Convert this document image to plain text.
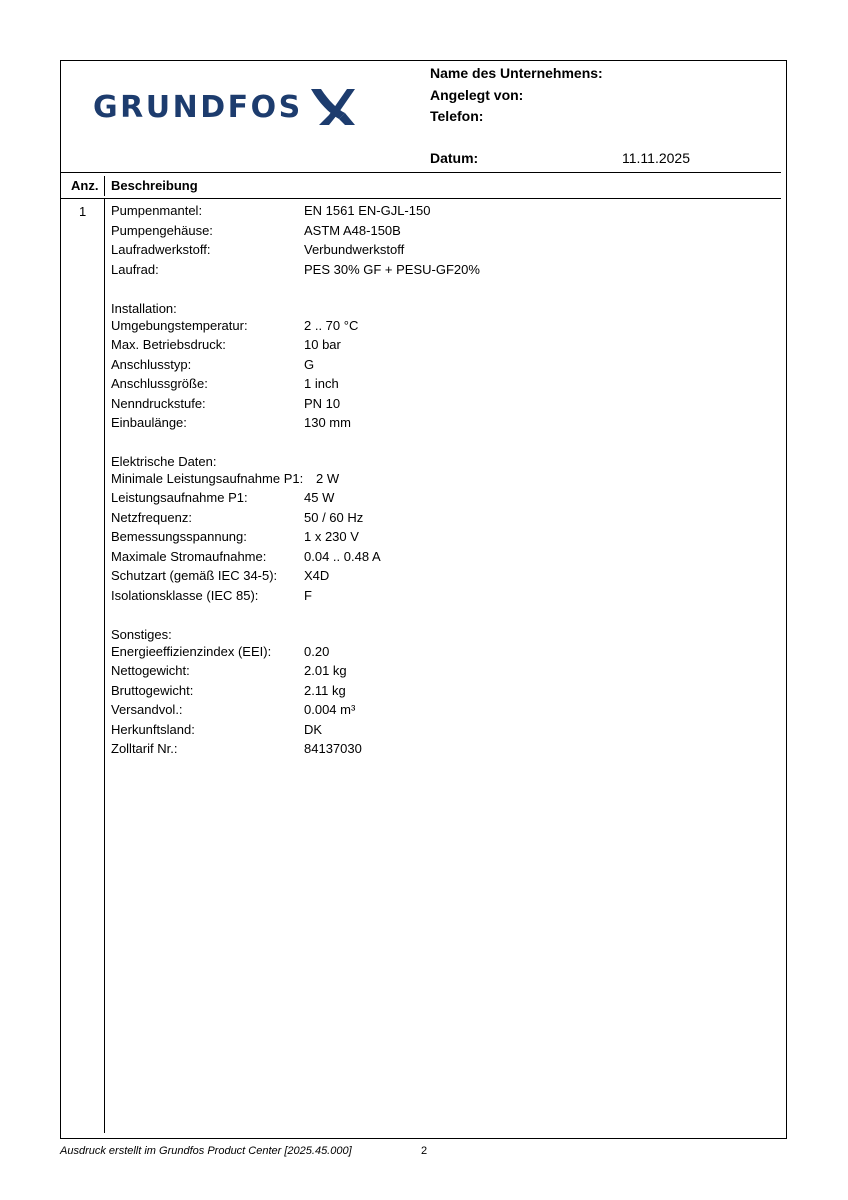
GRUNDFOS
Name des Unternehmens:
Angelegt von:
Telefon:
Datum:	11.11.2025
Anz. Beschreibung
1 Pumpenmantel:	EN 1561 EN-GJL-150
Pumpengehäuse:	ASTM A48-150B
Laufradwerkstoff:	Verbundwerkstoff
Laufrad:	PES 30% GF + PESU-GF20%
Installation:
Umgebungstemperatur:	2 .. 70 °C
Max. Betriebsdruck:	10 bar
Anschlusstyp:	G
Anschlussgröße:	1 inch
Nenndruckstufe:	PN 10
Einbaulänge:	130 mm
Elektrische Daten:
Minimale Leistungsaufnahme P1: 2 W
Leistungsaufnahme P1:	45 W
Netzfrequenz:	50 / 60 Hz
Bemessungsspannung:	1 x 230 V
Maximale Stromaufnahme:	0.04 .. 0.48 A
Schutzart (gemäß IEC 34-5): X4D
Isolationsklasse (IEC 85):	F
Sonstiges:
Energieeffizienzindex (EEI):	0.20
Nettogewicht:	2.01 kg
Bruttogewicht:	2.11 kg
Versandvol.:	0.004 m³
Herkunftsland:	DK
Zolltarif Nr.:	84137030
Ausdruck erstellt im Grundfos Product Center [2025.45.000]	2
